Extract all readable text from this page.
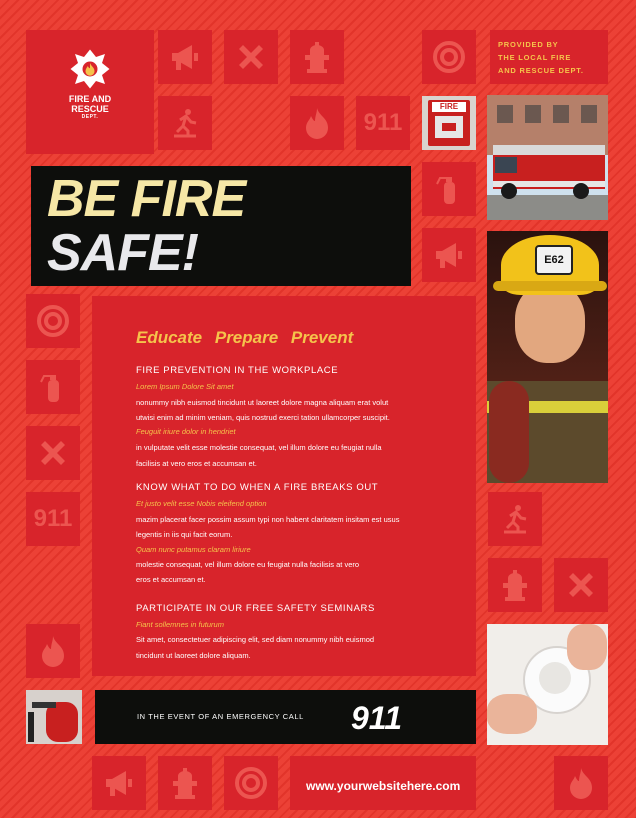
911
911
FIRE AND
RESCUE
DEPT.
PROVIDED BY
THE LOCAL FIRE
AND RESCUE DEPT.
FIRE
E62
BE FIRE
SAFE!
Educate Prepare Prevent
FIRE PREVENTION IN THE WORKPLACE
Lorem Ipsum Dolore Sit amet
nonummy nibh euismod tincidunt ut laoreet dolore magna aliquam erat volut
utwisi enim ad minim veniam, quis nostrud exerci tation ullamcorper suscipit.
Feuguit iriure dolor in hendriet
in vulputate velit esse molestie consequat, vel illum dolore eu feugiat nulla
facilisis at vero eros et accumsan et.
KNOW WHAT TO DO WHEN A FIRE BREAKS OUT
Et justo velit esse Nobis eleifend option
mazim placerat facer possim assum typi non habent claritatem insitam est usus
legentis in iis qui facit eorum.
Quam nunc putamus claram liriure
molestie consequat, vel illum dolore eu feugiat nulla facilisis at vero
eros et accumsan et.
PARTICIPATE IN OUR FREE SAFETY SEMINARS
Fiant sollemnes in futurum
Sit amet, consectetuer adipiscing elit, sed diam nonummy nibh euismod
tincidunt ut laoreet dolore aliquam.
IN THE EVENT OF AN EMERGENCY CALL 911
www.yourwebsitehere.com
